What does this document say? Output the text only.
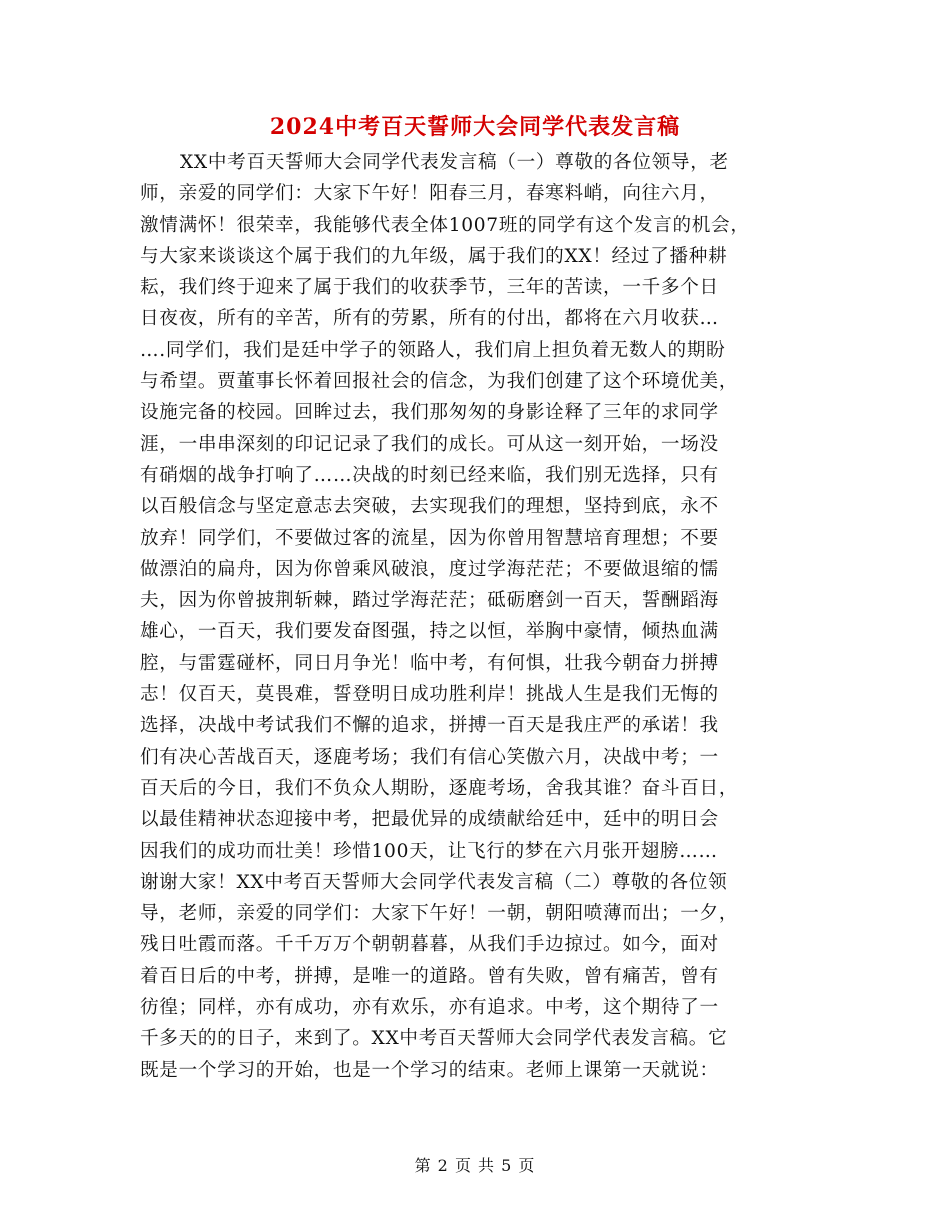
2024中考百天誓师大会同学代表发言稿
XX中考百天誓师大会同学代表发言稿（一）尊敬的各位领导，老
师，亲爱的同学们：大家下午好！阳春三月，春寒料峭，向往六月，
激情满怀！很荣幸，我能够代表全体1007班的同学有这个发言的机会，
与大家来谈谈这个属于我们的九年级，属于我们的XX！经过了播种耕
耘，我们终于迎来了属于我们的收获季节，三年的苦读，一千多个日
日夜夜，所有的辛苦，所有的劳累，所有的付出，都将在六月收获…
….同学们，我们是廷中学子的领路人，我们肩上担负着无数人的期盼
与希望。贾董事长怀着回报社会的信念，为我们创建了这个环境优美，
设施完备的校园。回眸过去，我们那匆匆的身影诠释了三年的求同学
涯，一串串深刻的印记记录了我们的成长。可从这一刻开始，一场没
有硝烟的战争打响了……决战的时刻已经来临，我们别无选择，只有
以百般信念与坚定意志去突破，去实现我们的理想，坚持到底，永不
放弃！同学们，不要做过客的流星，因为你曾用智慧培育理想；不要
做漂泊的扁舟，因为你曾乘风破浪，度过学海茫茫；不要做退缩的懦
夫，因为你曾披荆斩棘，踏过学海茫茫；砥砺磨剑一百天，誓酬蹈海
雄心，一百天，我们要发奋图强，持之以恒，举胸中豪情，倾热血满
腔，与雷霆碰杯，同日月争光！临中考，有何惧，壮我今朝奋力拼搏
志！仅百天，莫畏难，誓登明日成功胜利岸！挑战人生是我们无悔的
选择，决战中考试我们不懈的追求，拼搏一百天是我庄严的承诺！我
们有决心苦战百天，逐鹿考场；我们有信心笑傲六月，决战中考；一
百天后的今日，我们不负众人期盼，逐鹿考场，舍我其谁？奋斗百日，
以最佳精神状态迎接中考，把最优异的成绩献给廷中，廷中的明日会
因我们的成功而壮美！珍惜100天，让飞行的梦在六月张开翅膀……
谢谢大家！XX中考百天誓师大会同学代表发言稿（二）尊敬的各位领
导，老师，亲爱的同学们：大家下午好！一朝，朝阳喷薄而出；一夕，
残日吐霞而落。千千万万个朝朝暮暮，从我们手边掠过。如今，面对
着百日后的中考，拼搏，是唯一的道路。曾有失败，曾有痛苦，曾有
彷徨；同样，亦有成功，亦有欢乐，亦有追求。中考，这个期待了一
千多天的的日子，来到了。XX中考百天誓师大会同学代表发言稿。它
既是一个学习的开始，也是一个学习的结束。老师上课第一天就说：
第 2 页 共 5 页
